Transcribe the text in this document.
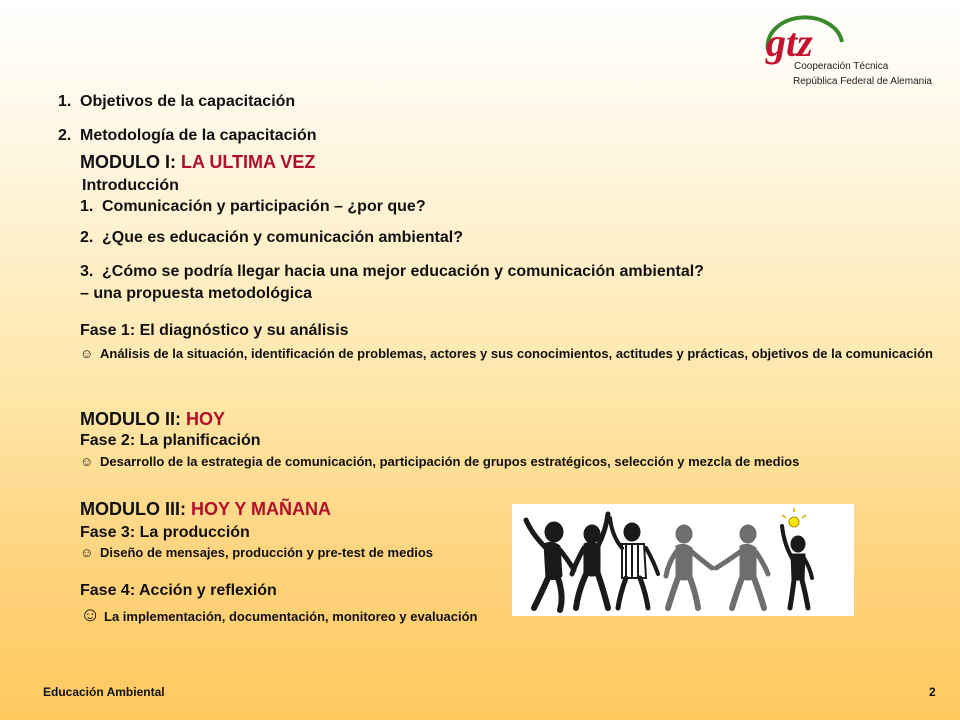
gtz
Cooperación Técnica
República Federal de Alemania
1. Objetivos de la capacitación
2. Metodología de la capacitación
MODULO I: LA ULTIMA VEZ
Introducción
1. Comunicación y participación – ¿por que?
2. ¿Que es educación y comunicación ambiental?
3. ¿Cómo se podría llegar hacia una mejor educación y comunicación ambiental?
– una propuesta metodológica
Fase 1: El diagnóstico y su análisis
☺ Análisis de la situación, identificación de problemas, actores y sus conocimientos, actitudes y prácticas, objetivos de la comunicación
MODULO II: HOY
Fase 2: La planificación
☺ Desarrollo de la estrategia de comunicación, participación de grupos estratégicos, selección y mezcla de medios
MODULO III: HOY Y MAÑANA
Fase 3: La producción
☺ Diseño de mensajes, producción y pre-test de medios
Fase 4: Acción y reflexión
☺ La implementación, documentación, monitoreo y evaluación
Educación Ambiental	2
